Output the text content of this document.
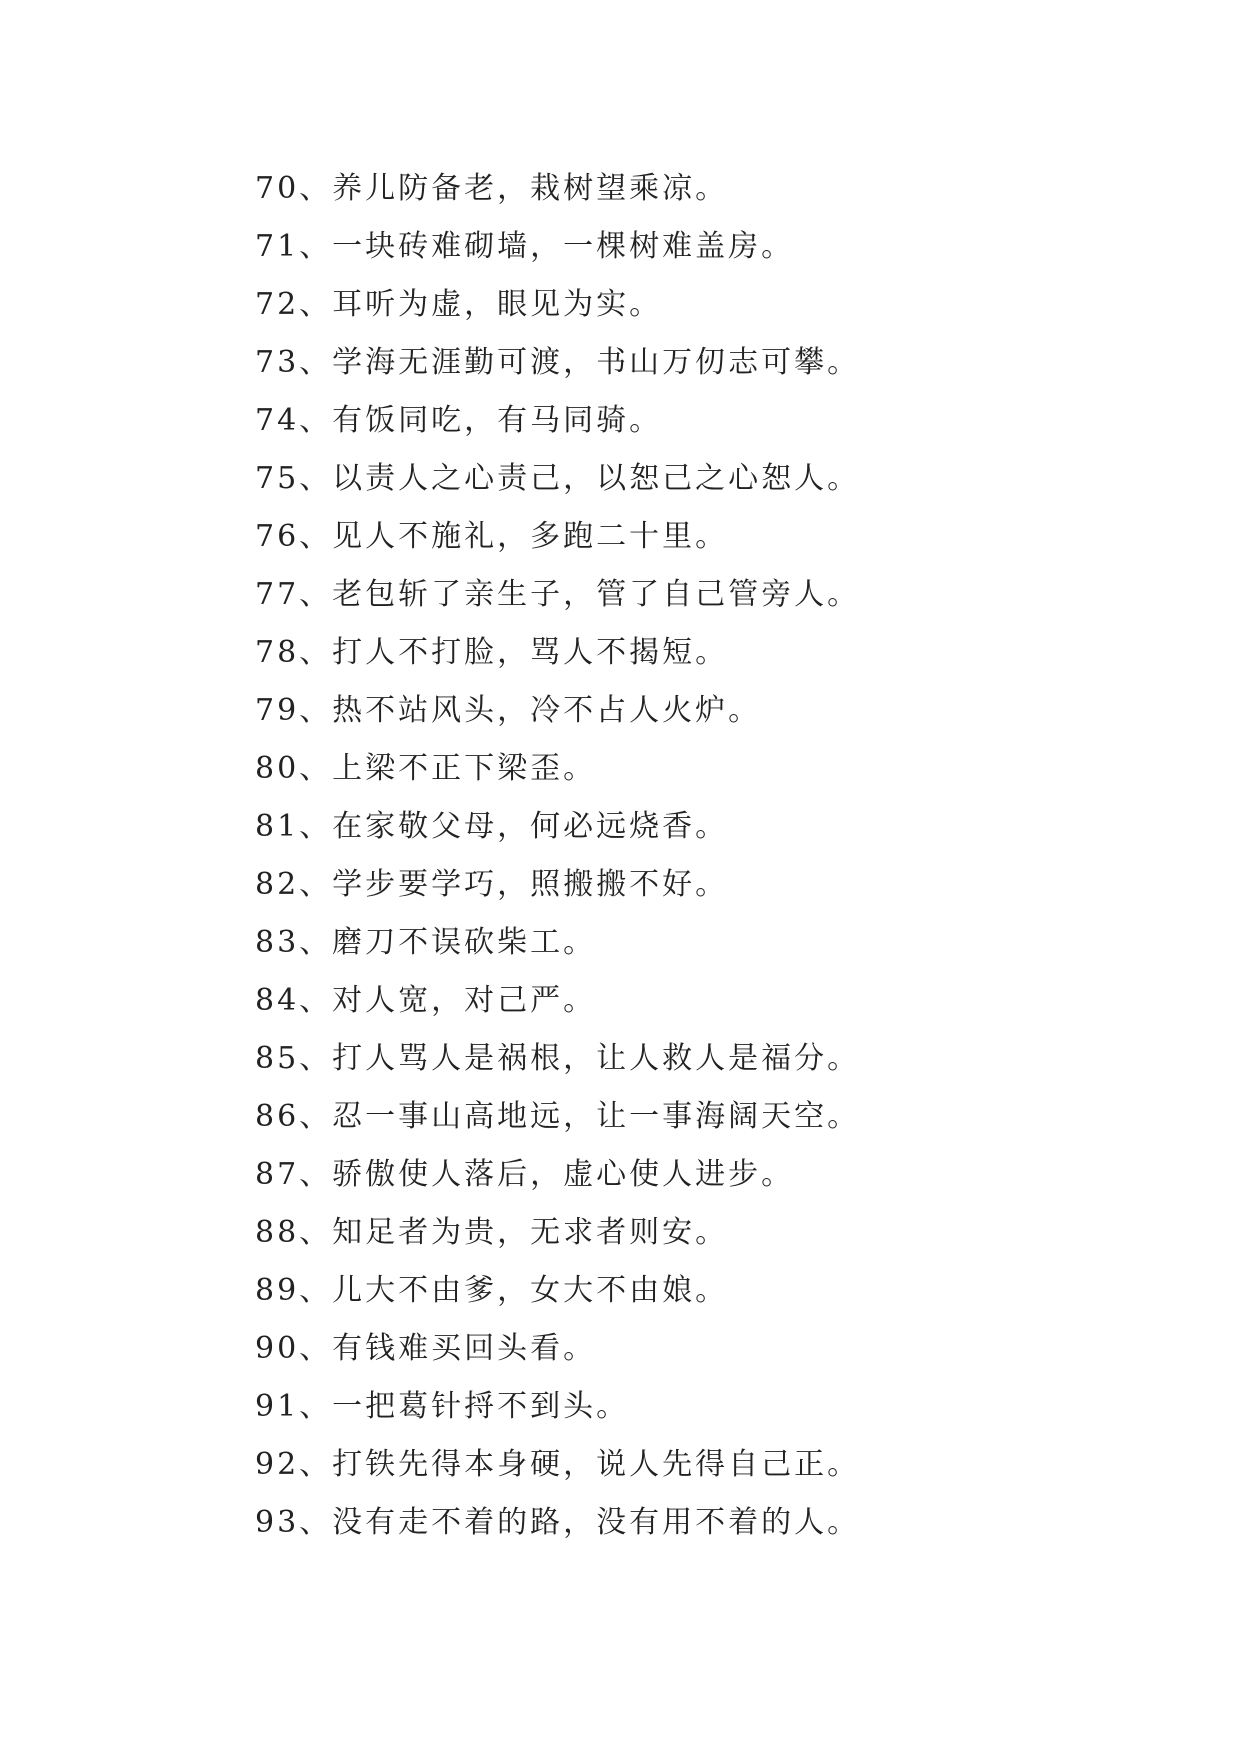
70、养儿防备老，栽树望乘凉。
71、一块砖难砌墙，一棵树难盖房。
72、耳听为虚，眼见为实。
73、学海无涯勤可渡，书山万仞志可攀。
74、有饭同吃，有马同骑。
75、以责人之心责己，以恕己之心恕人。
76、见人不施礼，多跑二十里。
77、老包斩了亲生子，管了自己管旁人。
78、打人不打脸，骂人不揭短。
79、热不站风头，冷不占人火炉。
80、上梁不正下梁歪。
81、在家敬父母，何必远烧香。
82、学步要学巧，照搬搬不好。
83、磨刀不误砍柴工。
84、对人宽，对己严。
85、打人骂人是祸根，让人救人是福分。
86、忍一事山高地远，让一事海阔天空。
87、骄傲使人落后，虚心使人进步。
88、知足者为贵，无求者则安。
89、儿大不由爹，女大不由娘。
90、有钱难买回头看。
91、一把葛针捋不到头。
92、打铁先得本身硬，说人先得自己正。
93、没有走不着的路，没有用不着的人。
